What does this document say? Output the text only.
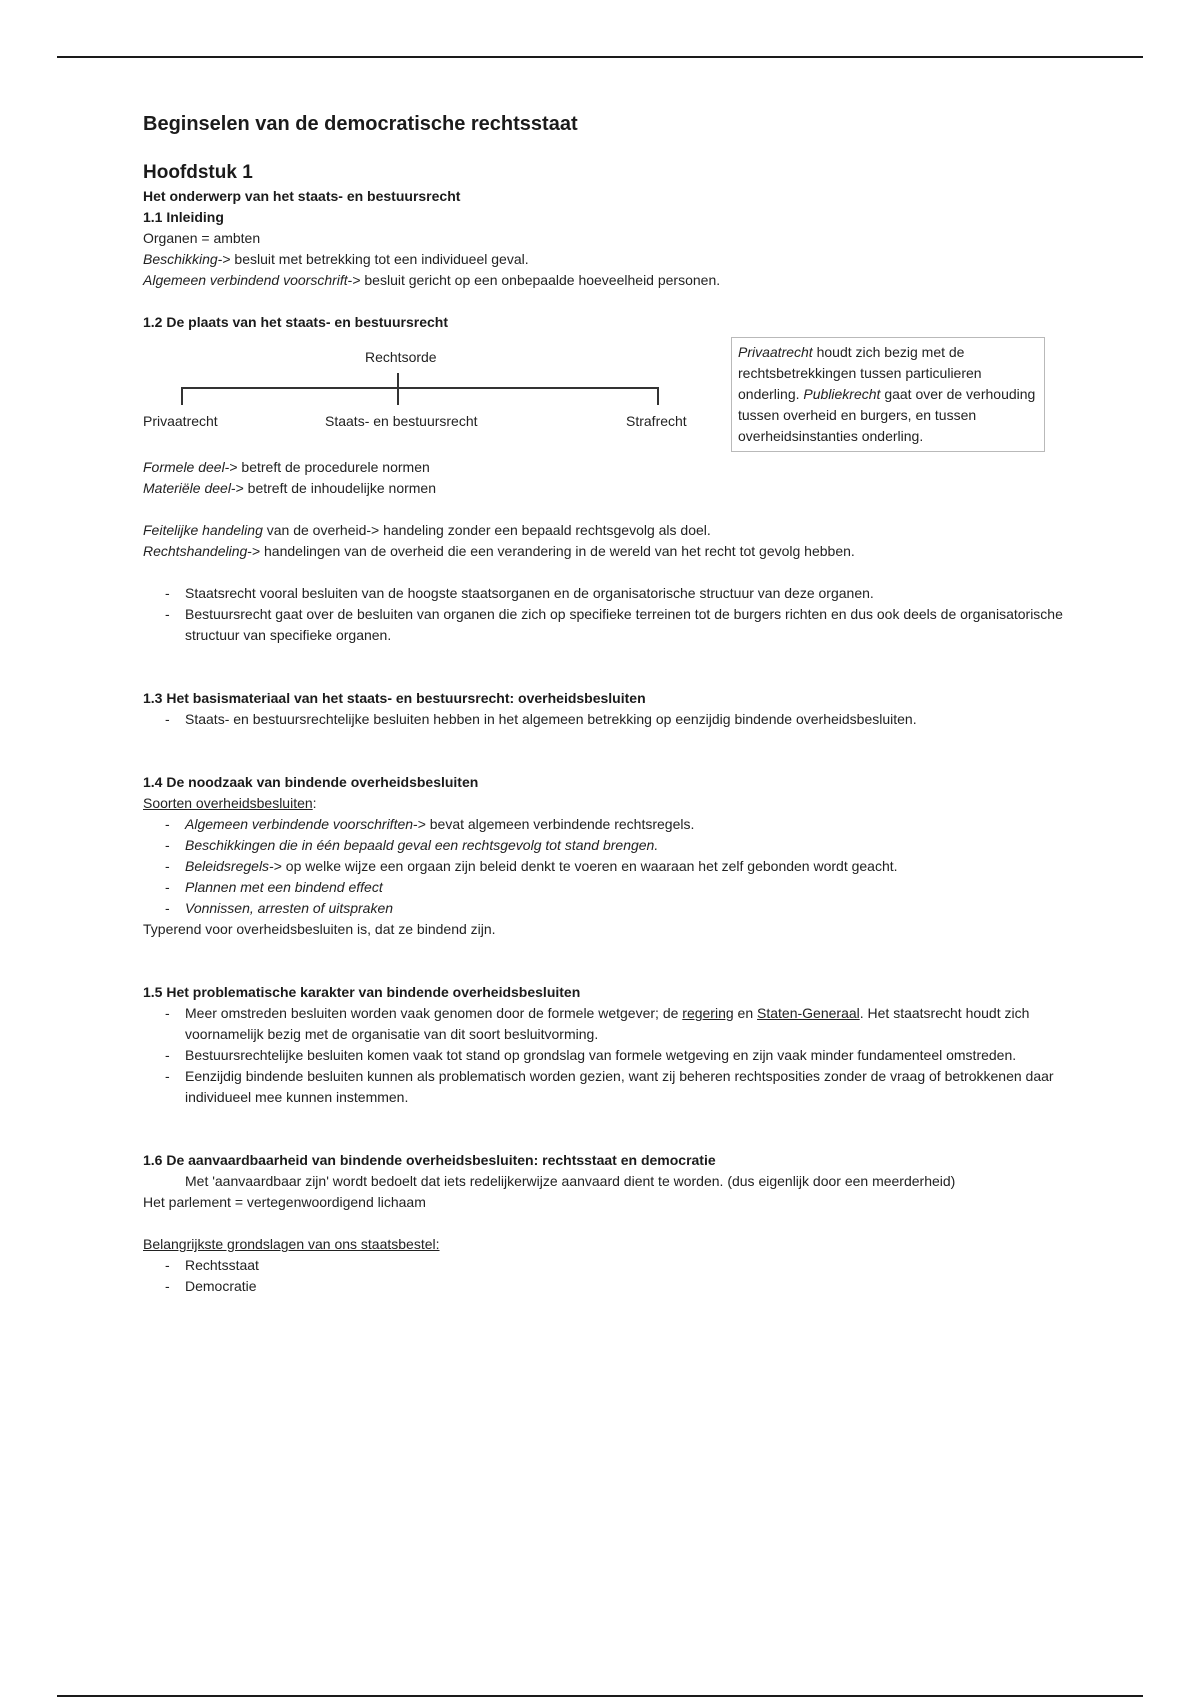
Beginselen van de democratische rechtsstaat

Hoofdstuk 1

Het onderwerp van het staats- en bestuursrecht

1.1 Inleiding

Organen = ambten

Beschikking-> besluit met betrekking tot een individueel geval.

Algemeen verbindend voorschrift-> besluit gericht op een onbepaalde hoeveelheid personen.

1.2 De plaats van het staats- en bestuursrecht

Rechtsorde
Privaatrecht	Staats- en bestuursrecht	Strafrecht
Privaatrecht houdt zich bezig met de rechtsbetrekkingen tussen particulieren onderling. Publiekrecht gaat over de verhouding tussen overheid en burgers, en tussen overheidsinstanties onderling.

Formele deel-> betreft de procedurele normen

Materiële deel-> betreft de inhoudelijke normen

Feitelijke handeling van de overheid-> handeling zonder een bepaald rechtsgevolg als doel.

Rechtshandeling-> handelingen van de overheid die een verandering in de wereld van het recht tot gevolg hebben.

- Staatsrecht vooral besluiten van de hoogste staatsorganen en de organisatorische structuur van deze organen.
- Bestuursrecht gaat over de besluiten van organen die zich op specifieke terreinen tot de burgers richten en dus ook deels de organisatorische structuur van specifieke organen.

1.3 Het basismateriaal van het staats- en bestuursrecht: overheidsbesluiten

- Staats- en bestuursrechtelijke besluiten hebben in het algemeen betrekking op eenzijdig bindende overheidsbesluiten.

1.4 De noodzaak van bindende overheidsbesluiten

Soorten overheidsbesluiten:

- Algemeen verbindende voorschriften-> bevat algemeen verbindende rechtsregels.
- Beschikkingen die in één bepaald geval een rechtsgevolg tot stand brengen.
- Beleidsregels-> op welke wijze een orgaan zijn beleid denkt te voeren en waaraan het zelf gebonden wordt geacht.
- Plannen met een bindend effect
- Vonnissen, arresten of uitspraken

Typerend voor overheidsbesluiten is, dat ze bindend zijn.

1.5 Het problematische karakter van bindende overheidsbesluiten

- Meer omstreden besluiten worden vaak genomen door de formele wetgever; de regering en Staten-Generaal. Het staatsrecht houdt zich voornamelijk bezig met de organisatie van dit soort besluitvorming.
- Bestuursrechtelijke besluiten komen vaak tot stand op grondslag van formele wetgeving en zijn vaak minder fundamenteel omstreden.
- Eenzijdig bindende besluiten kunnen als problematisch worden gezien, want zij beheren rechtsposities zonder de vraag of betrokkenen daar individueel mee kunnen instemmen.

1.6 De aanvaardbaarheid van bindende overheidsbesluiten: rechtsstaat en democratie

Met 'aanvaardbaar zijn' wordt bedoelt dat iets redelijkerwijze aanvaard dient te worden. (dus eigenlijk door een meerderheid)

Het parlement = vertegenwoordigend lichaam

Belangrijkste grondslagen van ons staatsbestel:

- Rechtsstaat
- Democratie
